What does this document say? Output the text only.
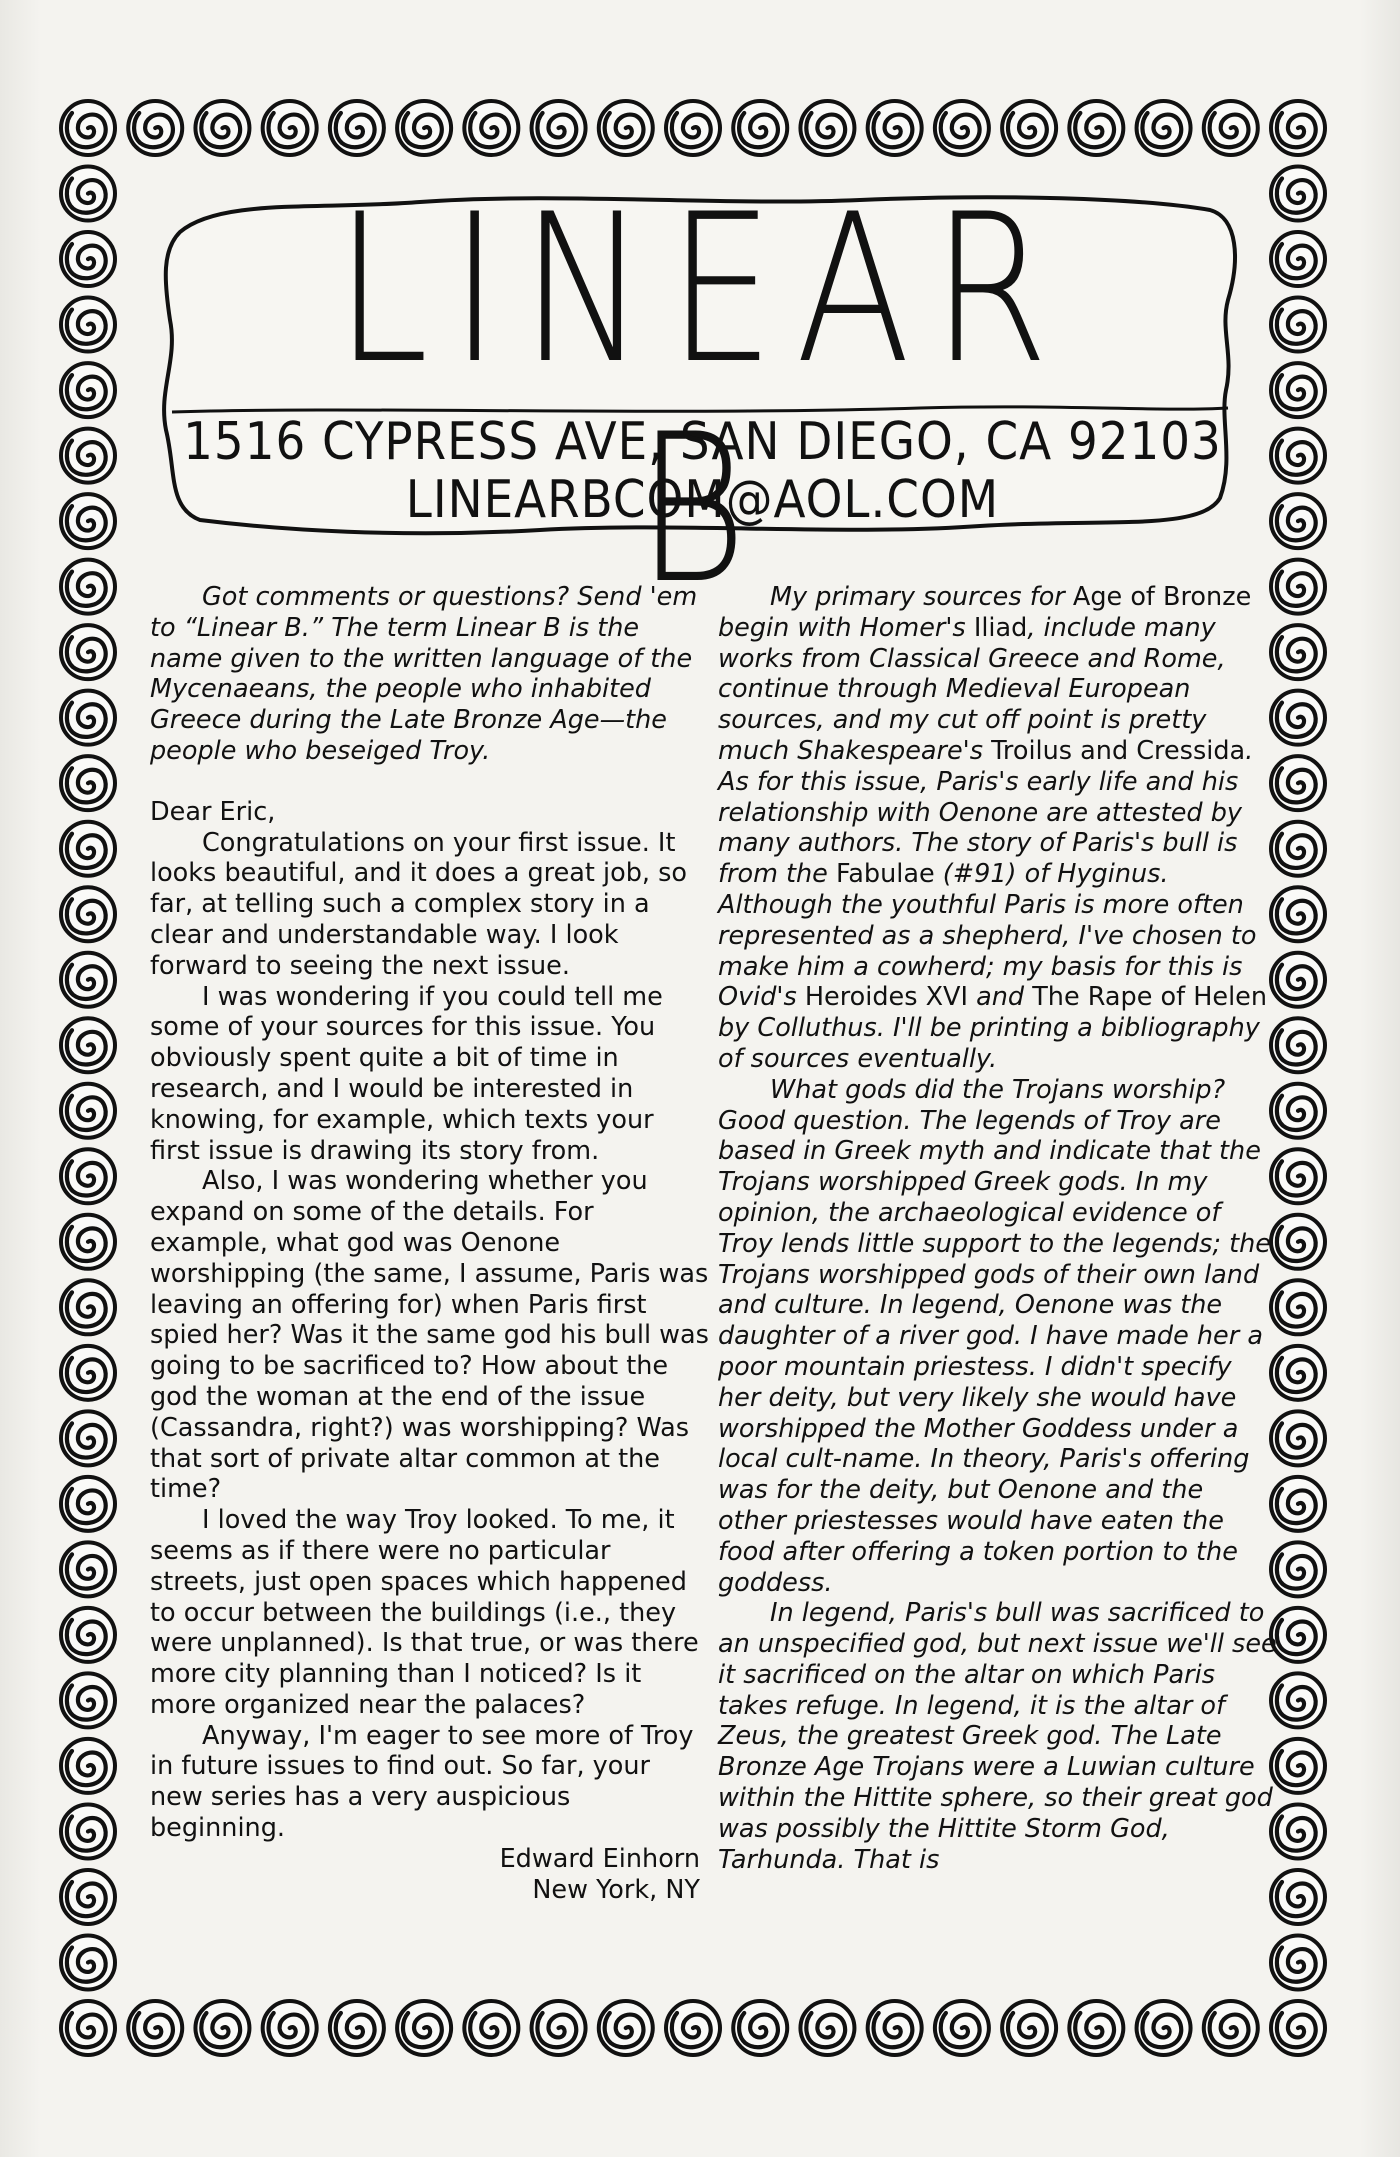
LINEAR B
1516 CYPRESS AVE, SAN DIEGO, CA 92103
LINEARBCOM@AOL.COM

Got comments or questions? Send 'em to “Linear B.” The term Linear B is the name given to the written language of the Mycenaeans, the people who inhabited Greece during the Late Bronze Age—the people who beseiged Troy.

Dear Eric,

Congratulations on your first issue. It looks beautiful, and it does a great job, so far, at telling such a complex story in a clear and understandable way. I look forward to seeing the next issue.

I was wondering if you could tell me some of your sources for this issue. You obviously spent quite a bit of time in research, and I would be interested in knowing, for example, which texts your first issue is drawing its story from.

Also, I was wondering whether you expand on some of the details. For example, what god was Oenone worshipping (the same, I assume, Paris was leaving an offering for) when Paris first spied her? Was it the same god his bull was going to be sacrificed to? How about the god the woman at the end of the issue (Cassandra, right?) was worshipping? Was that sort of private altar common at the time?

I loved the way Troy looked. To me, it seems as if there were no particular streets, just open spaces which happened to occur between the buildings (i.e., they were unplanned). Is that true, or was there more city planning than I noticed? Is it more organized near the palaces?

Anyway, I'm eager to see more of Troy in future issues to find out. So far, your new series has a very auspicious beginning.

Edward Einhorn

New York, NY

My primary sources for Age of Bronze begin with Homer's Iliad, include many works from Classical Greece and Rome, continue through Medieval European sources, and my cut off point is pretty much Shakespeare's Troilus and Cressida. As for this issue, Paris's early life and his relationship with Oenone are attested by many authors. The story of Paris's bull is from the Fabulae (#91) of Hyginus. Although the youthful Paris is more often represented as a shepherd, I've chosen to make him a cowherd; my basis for this is Ovid's Heroides XVI and The Rape of Helen by Colluthus. I'll be printing a bibliography of sources eventually.

What gods did the Trojans worship? Good question. The legends of Troy are based in Greek myth and indicate that the Trojans worshipped Greek gods. In my opinion, the archaeological evidence of Troy lends little support to the legends; the Trojans worshipped gods of their own land and culture. In legend, Oenone was the daughter of a river god. I have made her a poor mountain priestess. I didn't specify her deity, but very likely she would have worshipped the Mother Goddess under a local cult-name. In theory, Paris's offering was for the deity, but Oenone and the other priestesses would have eaten the food after offering a token portion to the goddess.

In legend, Paris's bull was sacrificed to an unspecified god, but next issue we'll see it sacrificed on the altar on which Paris takes refuge. In legend, it is the altar of Zeus, the greatest Greek god. The Late Bronze Age Trojans were a Luwian culture within the Hittite sphere, so their great god was possibly the Hittite Storm God, Tarhunda. That is
